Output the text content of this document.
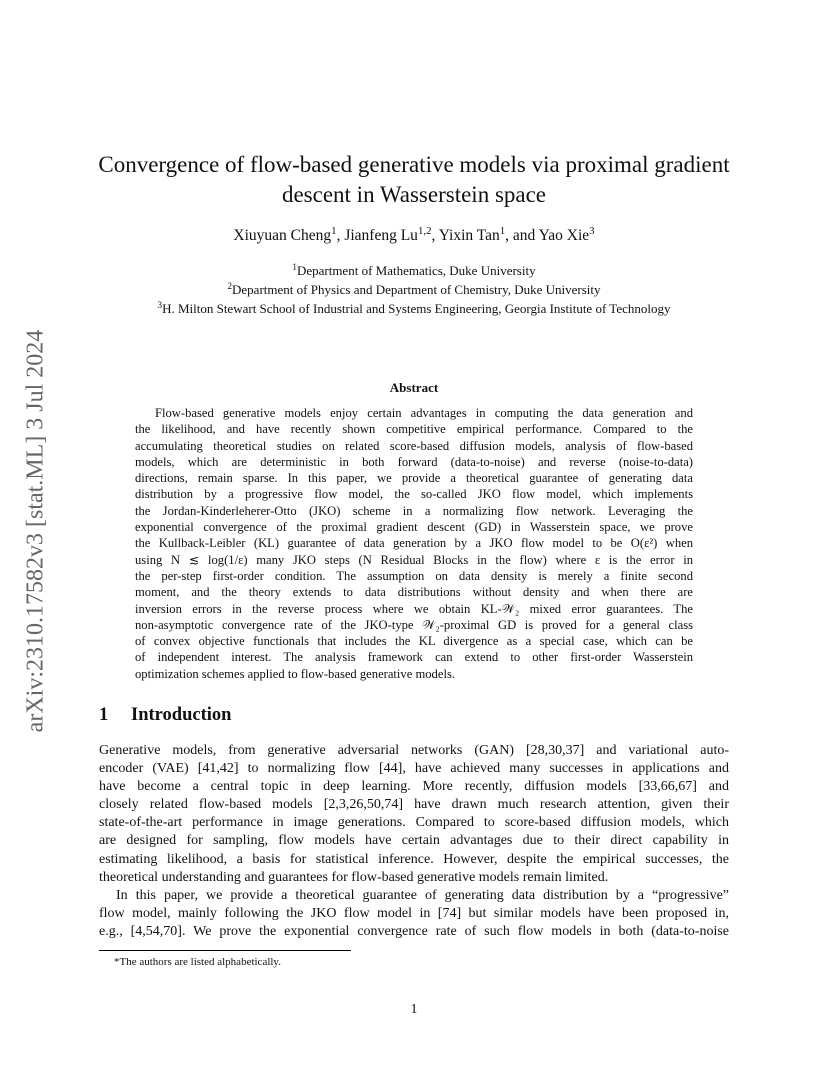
arXiv:2310.17582v3 [stat.ML] 3 Jul 2024
Convergence of flow-based generative models via proximal gradient
descent in Wasserstein space
Xiuyuan Cheng$^1$, Jianfeng Lu$^{1,2}$, Yixin Tan$^1$, and Yao Xie$^3$
$^1$Department of Mathematics, Duke University
$^2$Department of Physics and Department of Chemistry, Duke University
$^3$H. Milton Stewart School of Industrial and Systems Engineering, Georgia Institute of Technology
Abstract
Flow-based generative models enjoy certain advantages in computing the data generation and
the likelihood, and have recently shown competitive empirical performance. Compared to the
accumulating theoretical studies on related score-based diffusion models, analysis of flow-based
models, which are deterministic in both forward (data-to-noise) and reverse (noise-to-data)
directions, remain sparse. In this paper, we provide a theoretical guarantee of generating data
distribution by a progressive flow model, the so-called JKO flow model, which implements
the Jordan-Kinderleherer-Otto (JKO) scheme in a normalizing flow network. Leveraging the
exponential convergence of the proximal gradient descent (GD) in Wasserstein space, we prove
the Kullback-Leibler (KL) guarantee of data generation by a JKO flow model to be O(ε²) when
using N ≲ log(1/ε) many JKO steps (N Residual Blocks in the flow) where ε is the error in
the per-step first-order condition. The assumption on data density is merely a finite second
moment, and the theory extends to data distributions without density and when there are
inversion errors in the reverse process where we obtain KL-𝒲₂ mixed error guarantees. The
non-asymptotic convergence rate of the JKO-type 𝒲₂-proximal GD is proved for a general class
of convex objective functionals that includes the KL divergence as a special case, which can be
of independent interest. The analysis framework can extend to other first-order Wasserstein
optimization schemes applied to flow-based generative models.
1 Introduction
Generative models, from generative adversarial networks (GAN) [28,30,37] and variational auto-
encoder (VAE) [41,42] to normalizing flow [44], have achieved many successes in applications and
have become a central topic in deep learning. More recently, diffusion models [33,66,67] and
closely related flow-based models [2,3,26,50,74] have drawn much research attention, given their
state-of-the-art performance in image generations. Compared to score-based diffusion models, which
are designed for sampling, flow models have certain advantages due to their direct capability in
estimating likelihood, a basis for statistical inference. However, despite the empirical successes, the
theoretical understanding and guarantees for flow-based generative models remain limited.
In this paper, we provide a theoretical guarantee of generating data distribution by a “progressive”
flow model, mainly following the JKO flow model in [74] but similar models have been proposed in,
e.g., [4,54,70]. We prove the exponential convergence rate of such flow models in both (data-to-noise
*The authors are listed alphabetically.
1
